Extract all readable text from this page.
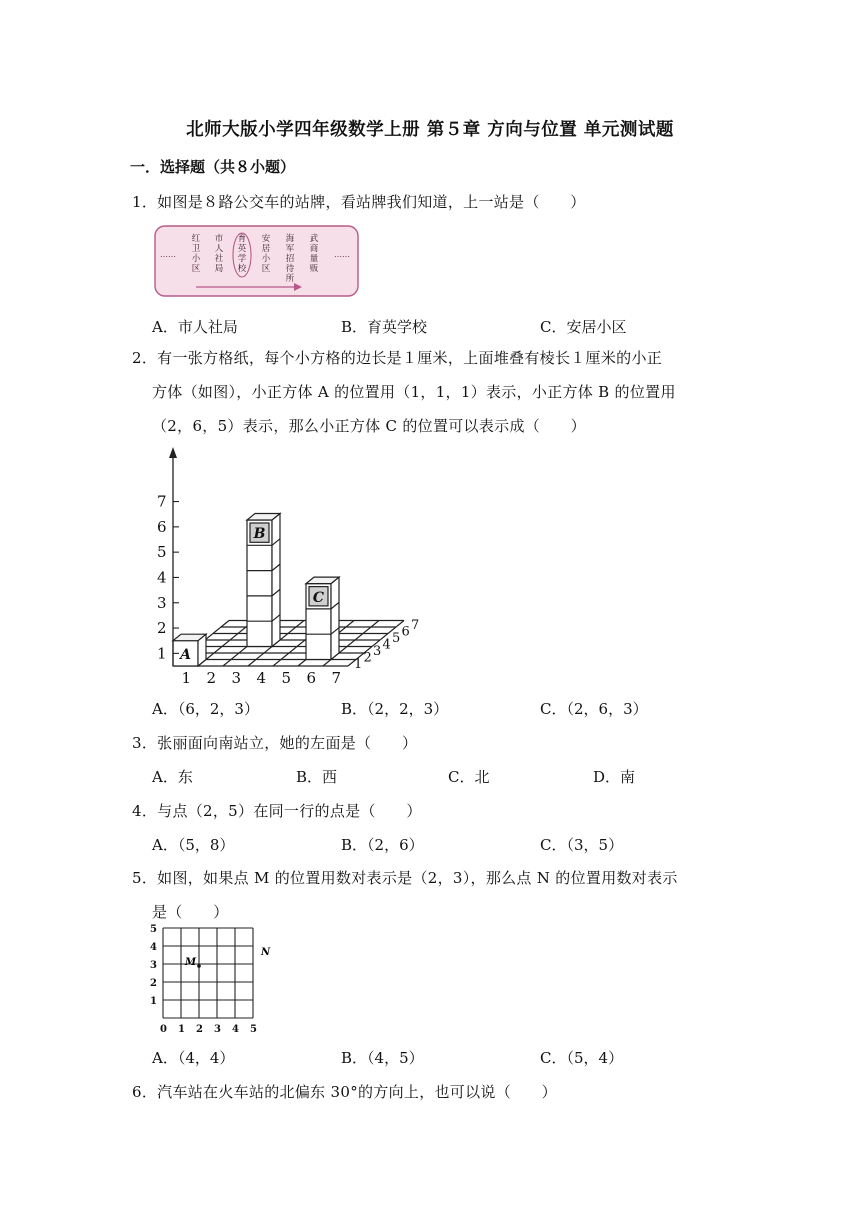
北师大版小学四年级数学上册 第５章 方向与位置 单元测试题
一．选择题（共８小题）
1．如图是８路公交车的站牌，看站牌我们知道，上一站是（　　）
……	……
红
卫
小
区
市
人
社
局
育
英
学
校
安
居
小
区
海
军
招
待
所
武
商
量
贩
A．市人社局	B．育英学校	C．安居小区
2．有一张方格纸，每个小方格的边长是１厘米，上面堆叠有棱长１厘米的小正
方体（如图），小正方体 A 的位置用（1，1，1）表示，小正方体 B 的位置用
（2，6，5）表示，那么小正方体 C 的位置可以表示成（　　）
1
2
3
4
5
6
7
1 2 3 4 5 6 7
1 2 3 4 5 6 7
A
B
C
A．（6，2，3）	B．（2，2，3）	C．（2，6，3）
3．张丽面向南站立，她的左面是（　　）
A．东	B．西	C．北	D．南
4．与点（2，5）在同一行的点是（　　）
A．（5，8）	B．（2，6）	C．（3，5）
5．如图，如果点 M 的位置用数对表示是（2，3），那么点 N 的位置用数对表示
是（　　）
0 1
1
2
2
3
3
4
4
5
5
M
N
A．（4，4）	B．（4，5）	C．（5，4）
6．汽车站在火车站的北偏东 30°的方向上，也可以说（　　）
